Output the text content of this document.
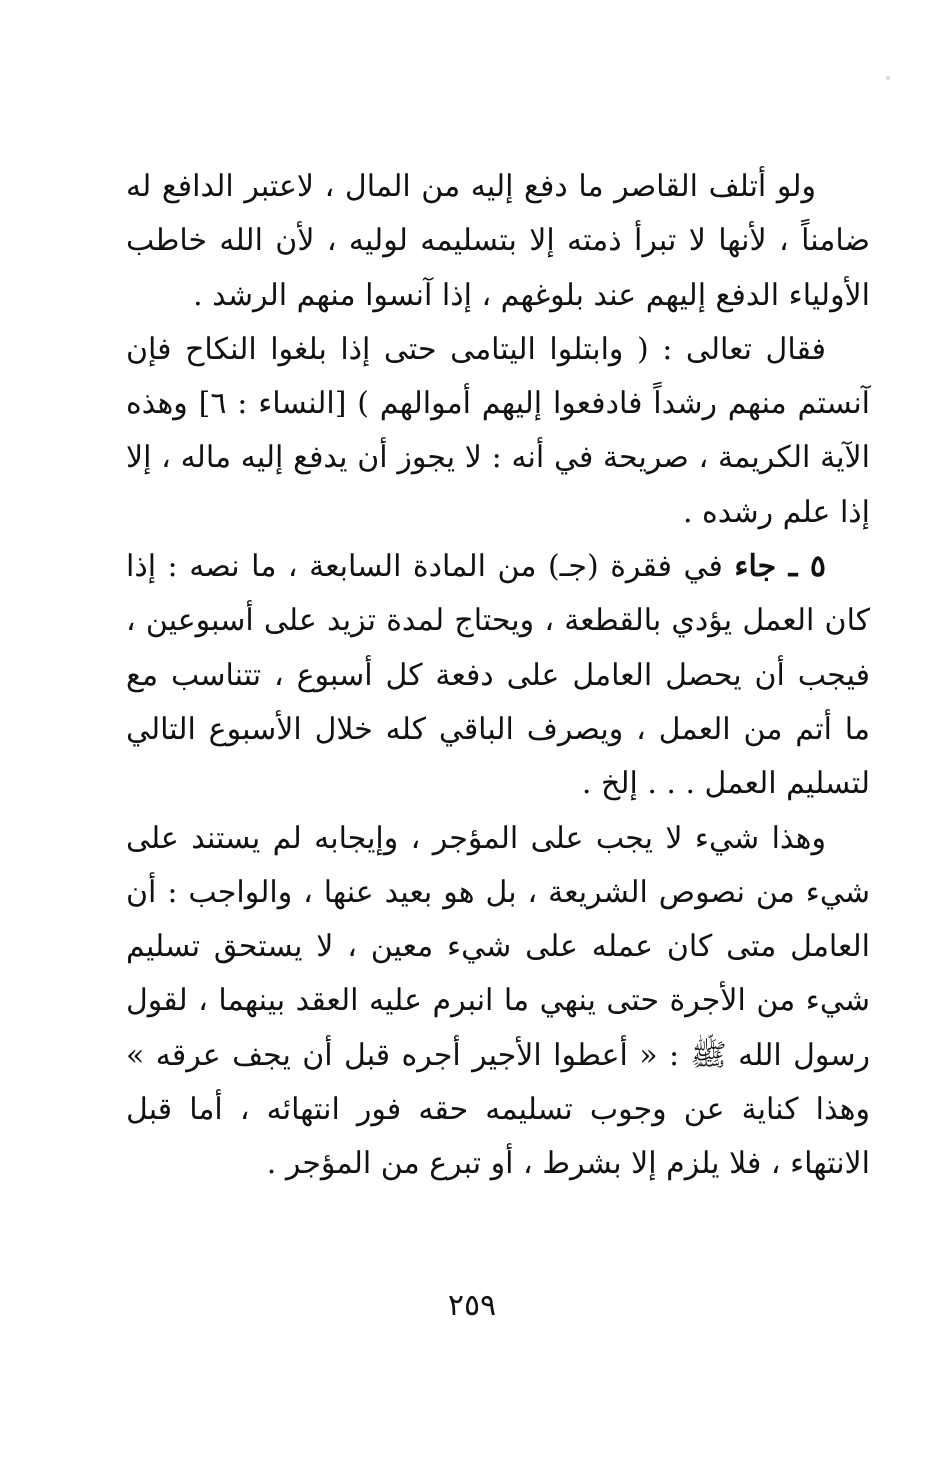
ولو أتلف القاصر ما دفع إليه من المال ، لاعتبر الدافع له ضامناً ، لأنها لا تبرأ ذمته إلا بتسليمه لوليه ، لأن الله خاطب الأولياء الدفع إليهم عند بلوغهم ، إذا آنسوا منهم الرشد .

فقال تعالى : ( وابتلوا اليتامى حتى إذا بلغوا النكاح فإن آنستم منهم رشداً فادفعوا إليهم أموالهم ) [النساء : ٦] وهذه الآية الكريمة ، صريحة في أنه : لا يجوز أن يدفع إليه ماله ، إلا إذا علم رشده .

٥ ـ جاء في فقرة (جـ) من المادة السابعة ، ما نصه : إذا كان العمل يؤدي بالقطعة ، ويحتاج لمدة تزيد على أسبوعين ، فيجب أن يحصل العامل على دفعة كل أسبوع ، تتناسب مع ما أتم من العمل ، ويصرف الباقي كله خلال الأسبوع التالي لتسليم العمل . . . إلخ .

وهذا شيء لا يجب على المؤجر ، وإيجابه لم يستند على شيء من نصوص الشريعة ، بل هو بعيد عنها ، والواجب : أن العامل متى كان عمله على شيء معين ، لا يستحق تسليم شيء من الأجرة حتى ينهي ما انبرم عليه العقد بينهما ، لقول رسول الله ﷺ : « أعطوا الأجير أجره قبل أن يجف عرقه » وهذا كناية عن وجوب تسليمه حقه فور انتهائه ، أما قبل الانتهاء ، فلا يلزم إلا بشرط ، أو تبرع من المؤجر .

٢٥٩
